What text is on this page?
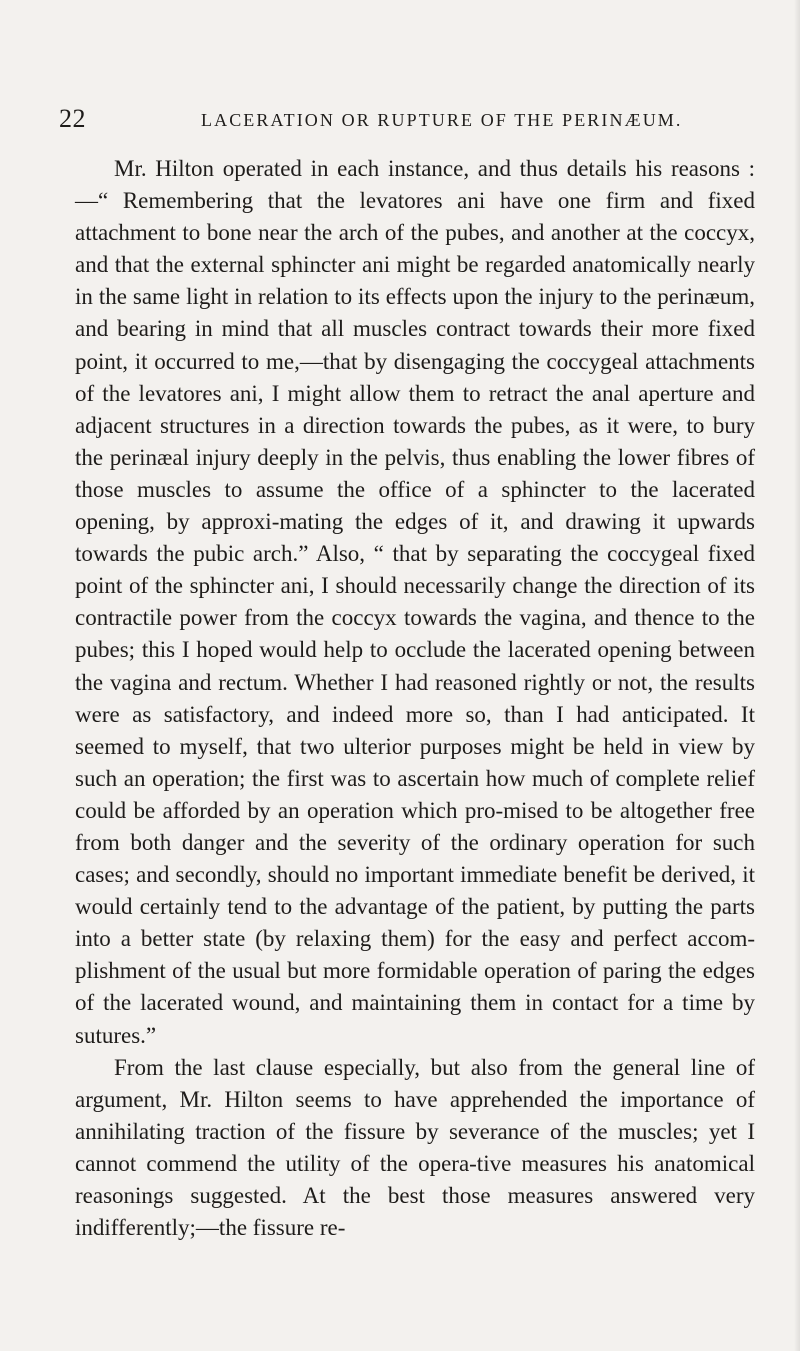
22	LACERATION OR RUPTURE OF THE PERINÆUM.

Mr. Hilton operated in each instance, and thus details his reasons :—“ Remembering that the levatores ani have one firm and fixed attachment to bone near the arch of the pubes, and another at the coccyx, and that the external sphincter ani might be regarded anatomically nearly in the same light in relation to its effects upon the injury to the perinæum, and bearing in mind that all muscles contract towards their more fixed point, it occurred to me,—that by disengaging the coccygeal attachments of the levatores ani, I might allow them to retract the anal aperture and adjacent structures in a direction towards the pubes, as it were, to bury the perinæal injury deeply in the pelvis, thus enabling the lower fibres of those muscles to assume the office of a sphincter to the lacerated opening, by approxi-mating the edges of it, and drawing it upwards towards the pubic arch.” Also, “ that by separating the coccygeal fixed point of the sphincter ani, I should necessarily change the direction of its contractile power from the coccyx towards the vagina, and thence to the pubes; this I hoped would help to occlude the lacerated opening between the vagina and rectum. Whether I had reasoned rightly or not, the results were as satisfactory, and indeed more so, than I had anticipated. It seemed to myself, that two ulterior purposes might be held in view by such an operation; the first was to ascertain how much of complete relief could be afforded by an operation which pro-mised to be altogether free from both danger and the severity of the ordinary operation for such cases; and secondly, should no important immediate benefit be derived, it would certainly tend to the advantage of the patient, by putting the parts into a better state (by relaxing them) for the easy and perfect accom-plishment of the usual but more formidable operation of paring the edges of the lacerated wound, and maintaining them in contact for a time by sutures.”

From the last clause especially, but also from the general line of argument, Mr. Hilton seems to have apprehended the importance of annihilating traction of the fissure by severance of the muscles; yet I cannot commend the utility of the opera-tive measures his anatomical reasonings suggested. At the best those measures answered very indifferently;—the fissure re-
